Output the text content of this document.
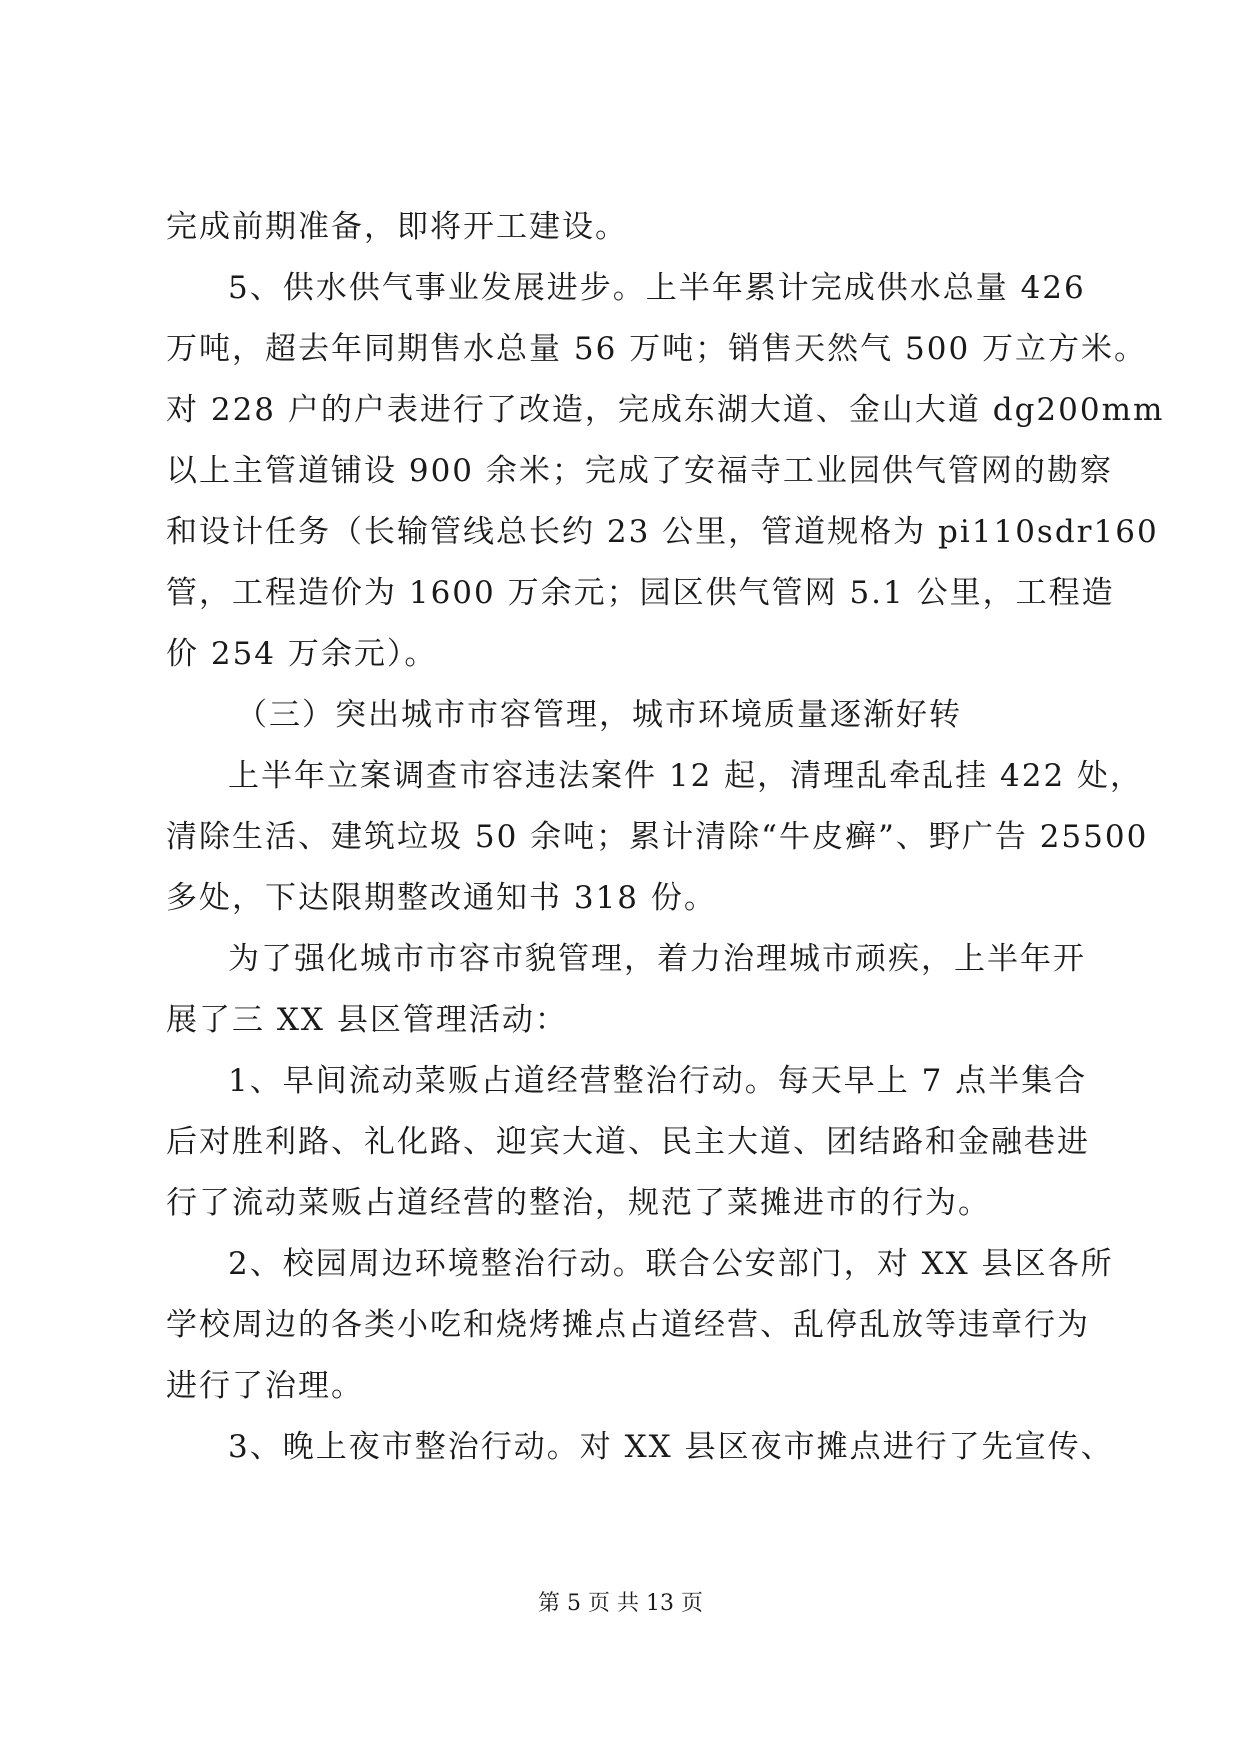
完成前期准备，即将开工建设。
5、供水供气事业发展进步。上半年累计完成供水总量 426
万吨，超去年同期售水总量 56 万吨；销售天然气 500 万立方米。
对 228 户的户表进行了改造，完成东湖大道、金山大道 dg200mm
以上主管道铺设 900 余米；完成了安福寺工业园供气管网的勘察
和设计任务（长输管线总长约 23 公里，管道规格为 pi110sdr160
管，工程造价为 1600 万余元；园区供气管网 5.1 公里，工程造
价 254 万余元）。
（三）突出城市市容管理，城市环境质量逐渐好转
上半年立案调查市容违法案件 12 起，清理乱牵乱挂 422 处，
清除生活、建筑垃圾 50 余吨；累计清除“牛皮癣”、野广告 25500
多处，下达限期整改通知书 318 份。
为了强化城市市容市貌管理，着力治理城市顽疾，上半年开
展了三 XX 县区管理活动：
1、早间流动菜贩占道经营整治行动。每天早上 7 点半集合
后对胜利路、礼化路、迎宾大道、民主大道、团结路和金融巷进
行了流动菜贩占道经营的整治，规范了菜摊进市的行为。
2、校园周边环境整治行动。联合公安部门，对 XX 县区各所
学校周边的各类小吃和烧烤摊点占道经营、乱停乱放等违章行为
进行了治理。
3、晚上夜市整治行动。对 XX 县区夜市摊点进行了先宣传、
第 5 页 共 13 页
